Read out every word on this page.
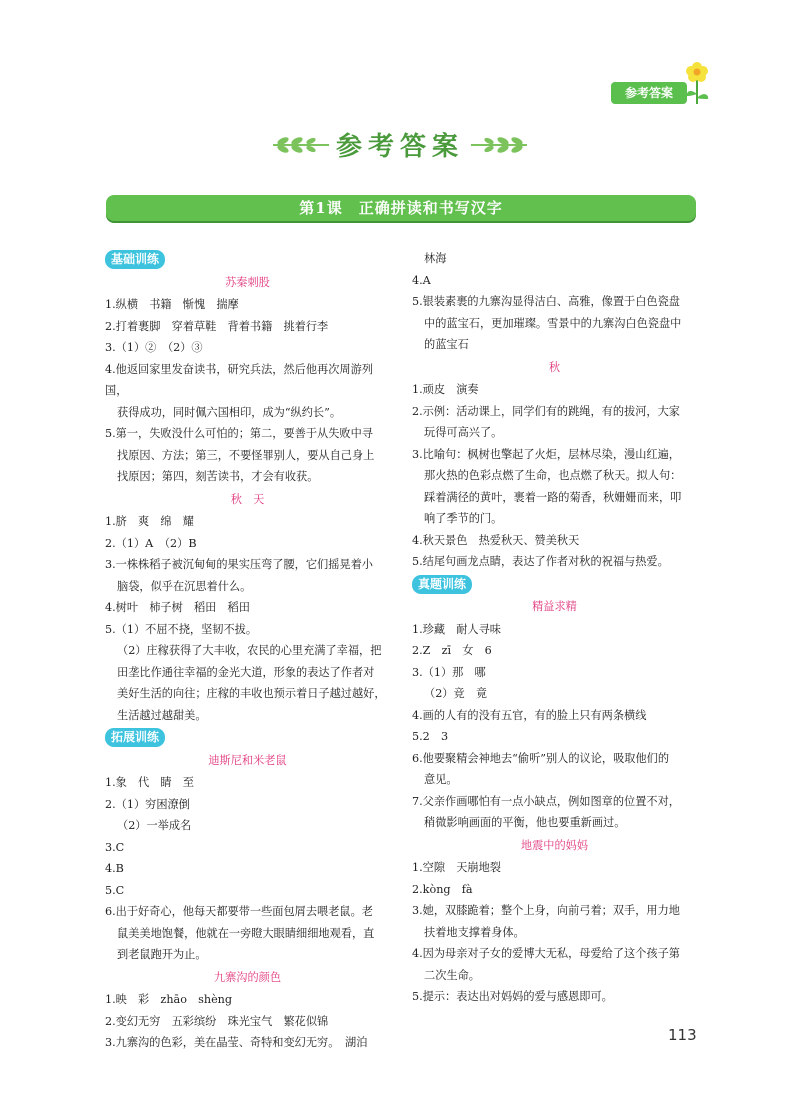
参考答案
参考答案
第1课　正确拼读和书写汉字
基础训练
苏秦刺股
1.纵横　书籍　惭愧　揣摩
2.打着裹脚　穿着草鞋　背着书籍　挑着行李
3.（1）②　（2）③
4.他返回家里发奋读书，研究兵法，然后他再次周游列国，
获得成功，同时佩六国相印，成为“纵约长”。
5.第一，失败没什么可怕的；第二，要善于从失败中寻
找原因、方法；第三，不要怪罪别人，要从自己身上
找原因；第四，刻苦读书，才会有收获。
秋　天
1.脐　爽　绵　耀
2.（1）A　（2）B
3.一株株稻子被沉甸甸的果实压弯了腰，它们摇晃着小
脑袋，似乎在沉思着什么。
4.树叶　柿子树　稻田　稻田
5.（1）不屈不挠，坚韧不拔。
（2）庄稼获得了大丰收，农民的心里充满了幸福，把
田垄比作通往幸福的金光大道，形象的表达了作者对
美好生活的向往；庄稼的丰收也预示着日子越过越好，
生活越过越甜美。
拓展训练
迪斯尼和米老鼠
1.象　代　睛　至
2.（1）穷困潦倒
（2）一举成名
3.C
4.B
5.C
6.出于好奇心，他每天都要带一些面包屑去喂老鼠。老
鼠美美地饱餐，他就在一旁瞪大眼睛细细地观看，直
到老鼠跑开为止。
九寨沟的颜色
1.映　彩　zhāo　shèng
2.变幻无穷　五彩缤纷　珠光宝气　繁花似锦
3.九寨沟的色彩，美在晶莹、奇特和变幻无穷。　湖泊
林海
4.A
5.银装素裹的九寨沟显得洁白、高雅，像置于白色瓷盘
中的蓝宝石，更加璀璨。雪景中的九寨沟白色瓷盘中
的蓝宝石
秋
1.顽皮　演奏
2.示例：活动课上，同学们有的跳绳，有的拔河，大家
玩得可高兴了。
3.比喻句：枫树也擎起了火炬，层林尽染，漫山红遍，
那火热的色彩点燃了生命，也点燃了秋天。拟人句：
踩着满径的黄叶，裹着一路的菊香，秋姗姗而来，叩
响了季节的门。
4.秋天景色　热爱秋天、赞美秋天
5.结尾句画龙点睛，表达了作者对秋的祝福与热爱。
真题训练
精益求精
1.珍藏　耐人寻味
2.Z　zī　女　6
3.（1）那　哪
（2）竞　竟
4.画的人有的没有五官，有的脸上只有两条横线
5.2　3
6.他要聚精会神地去“偷听”别人的议论，吸取他们的
意见。
7.父亲作画哪怕有一点小缺点，例如图章的位置不对，
稍微影响画面的平衡，他也要重新画过。
地震中的妈妈
1.空隙　天崩地裂
2.kòng　fà
3.她，双膝跪着；整个上身，向前弓着；双手，用力地
扶着地支撑着身体。
4.因为母亲对子女的爱博大无私，母爱给了这个孩子第
二次生命。
5.提示：表达出对妈妈的爱与感恩即可。
113
